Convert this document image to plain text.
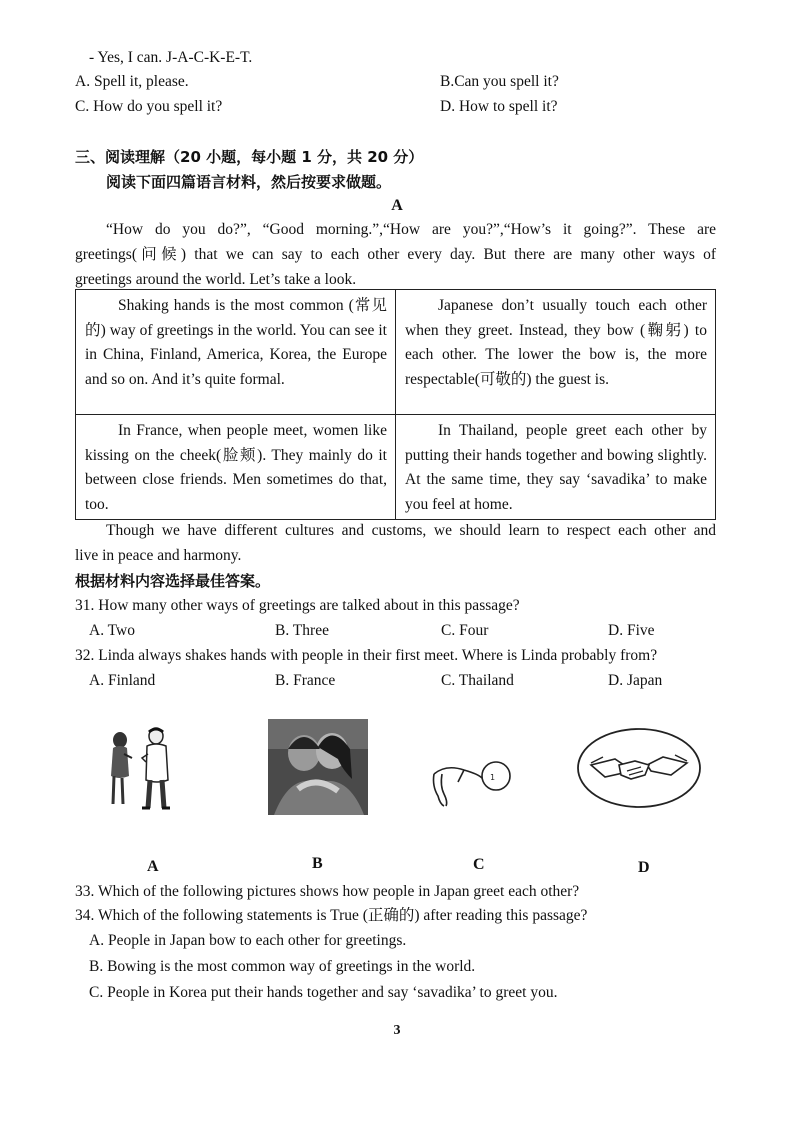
- Yes, I can. J-A-C-K-E-T.
A. Spell it, please.	B.Can you spell it?
C. How do you spell it?	D. How to spell it?
三、阅读理解（20 小题，每小题 1 分，共 20 分）
阅读下面四篇语言材料，然后按要求做题。
A
“How do you do?”, “Good morning.”,“How are you?”,“How’s it going?”. These are
greetings(问候) that we can say to each other every day. But there are many other ways of
greetings around the world. Let’s take a look.
Shaking hands is the most common (常见的) way of greetings in the world. You can see it in China, Finland, America, Korea, the Europe and so on. And it’s quite formal.	Japanese don’t usually touch each other when they greet. Instead, they bow (鞠躬) to each other. The lower the bow is, the more respectable(可敬的) the guest is.

In France, when people meet, women like kissing on the cheek(脸颊). They mainly do it between close friends. Men sometimes do that, too.	In Thailand, people greet each other by putting their hands together and bowing slightly. At the same time, they say ‘savadika’ to make you feel at home.
Though we have different cultures and customs, we should learn to respect each other and
live in peace and harmony.
根据材料内容选择最佳答案。
31. How many other ways of greetings are talked about in this passage?
A. Two	B. Three	C. Four	D. Five
32. Linda always shakes hands with people in their first meet. Where is Linda probably from?
A. Finland	B. France	C. Thailand	D. Japan
1
A	B	C	D
33. Which of the following pictures shows how people in Japan greet each other?
34. Which of the following statements is True (正确的) after reading this passage?
A. People in Japan bow to each other for greetings.
B. Bowing is the most common way of greetings in the world.
C. People in Korea put their hands together and say ‘savadika’ to greet you.
3
